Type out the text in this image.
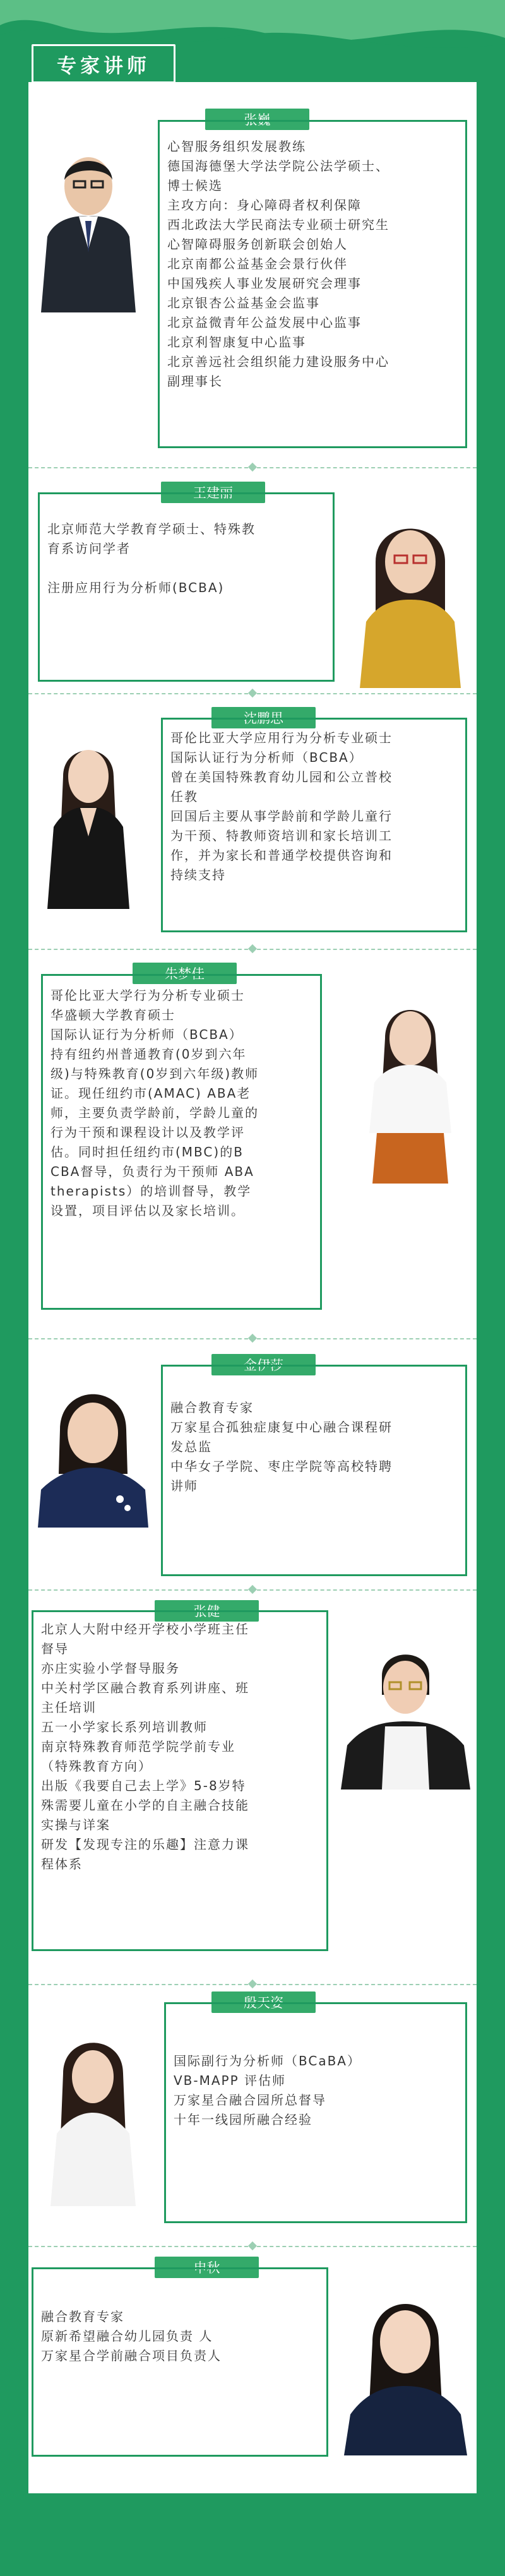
张巍

心智服务组织发展教练

德国海德堡大学法学院公法学硕士、

博士候选

主攻方向：身心障碍者权利保障

西北政法大学民商法专业硕士研究生

心智障碍服务创新联会创始人

北京南都公益基金会景行伙伴

中国残疾人事业发展研究会理事

北京银杏公益基金会监事

北京益微青年公益发展中心监事

北京利智康复中心监事

北京善远社会组织能力建设服务中心

副理事长

王建丽

北京师范大学教育学硕士、特殊教

育系访问学者

注册应用行为分析师(BCBA)

沈鹏思

哥伦比亚大学应用行为分析专业硕士

国际认证行为分析师（BCBA）

曾在美国特殊教育幼儿园和公立普校

任教

回国后主要从事学龄前和学龄儿童行

为干预、特教师资培训和家长培训工

作，并为家长和普通学校提供咨询和

持续支持

朱梦佳

哥伦比亚大学行为分析专业硕士

华盛顿大学教育硕士

国际认证行为分析师（BCBA）

持有纽约州普通教育(0岁到六年

级)与特殊教育(0岁到六年级)教师

证。现任纽约市(AMAC) ABA老

师，主要负责学龄前，学龄儿童的

行为干预和课程设计以及教学评

估。同时担任纽约市(MBC)的B

CBA督导，负责行为干预师 ABA

therapists）的培训督导，教学

设置，项目评估以及家长培训。

金伊莎

融合教育专家

万家星合孤独症康复中心融合课程研

发总监

中华女子学院、枣庄学院等高校特聘

讲师

张健

北京人大附中经开学校小学班主任

督导

亦庄实验小学督导服务

中关村学区融合教育系列讲座、班

主任培训

五一小学家长系列培训教师

南京特殊教育师范学院学前专业

（特殊教育方向）

出版《我要自己去上学》5-8岁特

殊需要儿童在小学的自主融合技能

实操与详案

研发【发现专注的乐趣】注意力课

程体系

殷天姿

国际副行为分析师（BCaBA）

VB-MAPP 评估师

万家星合融合园所总督导

十年一线园所融合经验

申秋

融合教育专家

原新希望融合幼儿园负责 人

万家星合学前融合项目负责人

专家讲师
